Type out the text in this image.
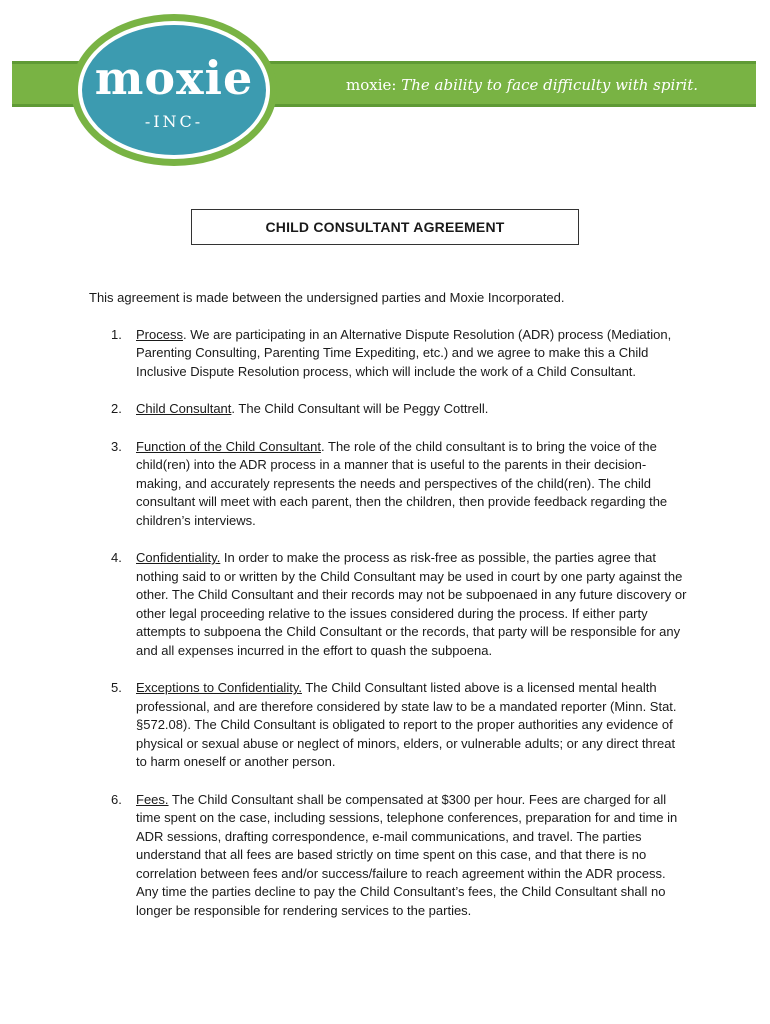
moxie
-INC-
moxie: The ability to face difficulty with spirit.
CHILD CONSULTANT AGREEMENT

This agreement is made between the undersigned parties and Moxie Incorporated.

1. Process. We are participating in an Alternative Dispute Resolution (ADR) process (Mediation, Parenting Consulting, Parenting Time Expediting, etc.) and we agree to make this a Child Inclusive Dispute Resolution process, which will include the work of a Child Consultant.
2. Child Consultant. The Child Consultant will be Peggy Cottrell.
3. Function of the Child Consultant. The role of the child consultant is to bring the voice of the child(ren) into the ADR process in a manner that is useful to the parents in their decision-making, and accurately represents the needs and perspectives of the child(ren). The child consultant will meet with each parent, then the children, then provide feedback regarding the children’s interviews.
4. Confidentiality. In order to make the process as risk-free as possible, the parties agree that nothing said to or written by the Child Consultant may be used in court by one party against the other. The Child Consultant and their records may not be subpoenaed in any future discovery or other legal proceeding relative to the issues considered during the process. If either party attempts to subpoena the Child Consultant or the records, that party will be responsible for any and all expenses incurred in the effort to quash the subpoena.
5. Exceptions to Confidentiality. The Child Consultant listed above is a licensed mental health professional, and are therefore considered by state law to be a mandated reporter (Minn. Stat. §572.08). The Child Consultant is obligated to report to the proper authorities any evidence of physical or sexual abuse or neglect of minors, elders, or vulnerable adults; or any direct threat to harm oneself or another person.
6. Fees. The Child Consultant shall be compensated at $300 per hour. Fees are charged for all time spent on the case, including sessions, telephone conferences, preparation for and time in ADR sessions, drafting correspondence, e-mail communications, and travel. The parties understand that all fees are based strictly on time spent on this case, and that there is no correlation between fees and/or success/failure to reach agreement within the ADR process. Any time the parties decline to pay the Child Consultant’s fees, the Child Consultant shall no longer be responsible for rendering services to the parties.
